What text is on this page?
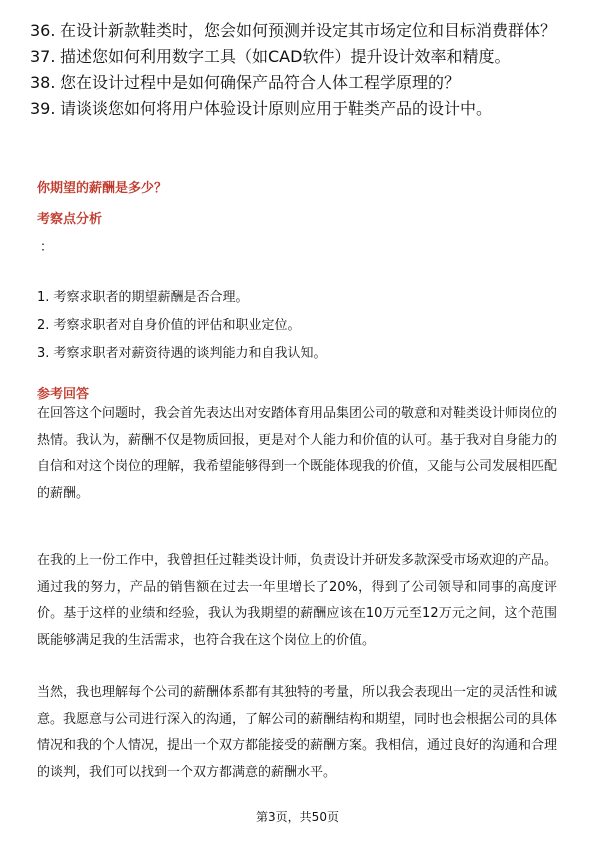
36. 在设计新款鞋类时，您会如何预测并设定其市场定位和目标消费群体？
37. 描述您如何利用数字工具（如CAD软件）提升设计效率和精度。
38. 您在设计过程中是如何确保产品符合人体工程学原理的？
39. 请谈谈您如何将用户体验设计原则应用于鞋类产品的设计中。
你期望的薪酬是多少？
考察点分析
：
1. 考察求职者的期望薪酬是否合理。
2. 考察求职者对自身价值的评估和职业定位。
3. 考察求职者对薪资待遇的谈判能力和自我认知。
参考回答
在回答这个问题时，我会首先表达出对安踏体育用品集团公司的敬意和对鞋类设计师岗位的热情。我认为，薪酬不仅是物质回报，更是对个人能力和价值的认可。基于我对自身能力的自信和对这个岗位的理解，我希望能够得到一个既能体现我的价值，又能与公司发展相匹配的薪酬。
在我的上一份工作中，我曾担任过鞋类设计师，负责设计并研发多款深受市场欢迎的产品。通过我的努力，产品的销售额在过去一年里增长了20%，得到了公司领导和同事的高度评价。基于这样的业绩和经验，我认为我期望的薪酬应该在10万元至12万元之间，这个范围既能够满足我的生活需求，也符合我在这个岗位上的价值。
当然，我也理解每个公司的薪酬体系都有其独特的考量，所以我会表现出一定的灵活性和诚意。我愿意与公司进行深入的沟通，了解公司的薪酬结构和期望，同时也会根据公司的具体情况和我的个人情况，提出一个双方都能接受的薪酬方案。我相信，通过良好的沟通和合理的谈判，我们可以找到一个双方都满意的薪酬水平。
第3页，共50页
